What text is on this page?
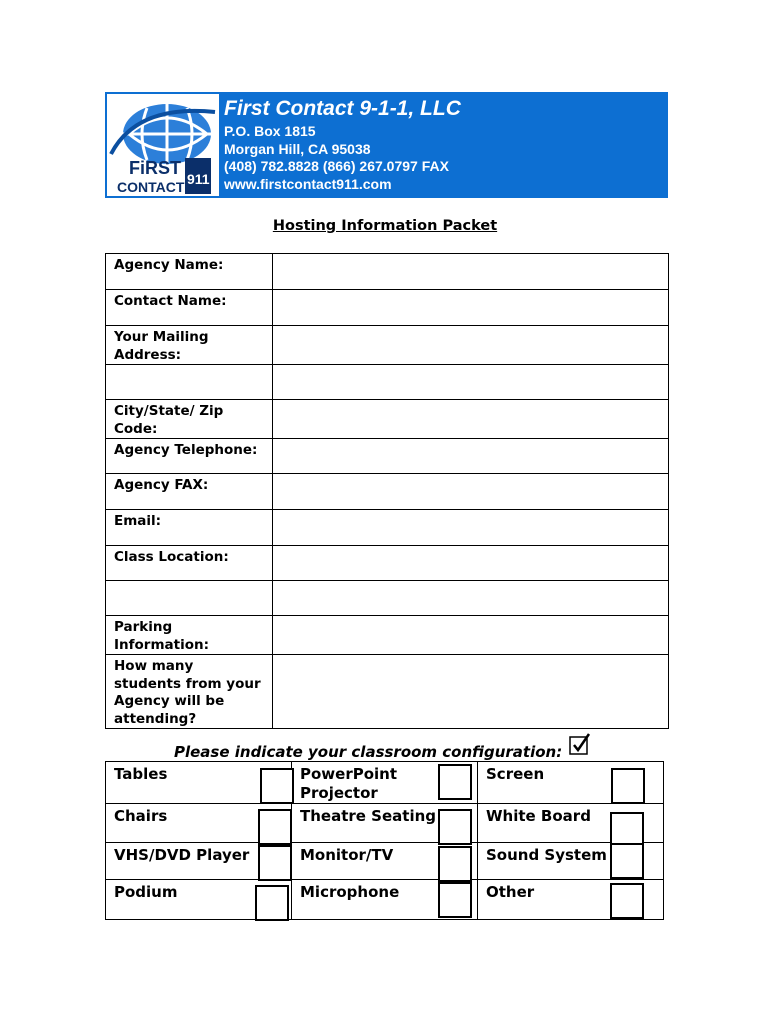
FiRST
CONTACT 911
First Contact 9-1-1, LLC
P.O. Box 1815
Morgan Hill, CA 95038
(408) 782.8828 (866) 267.0797 FAX
www.firstcontact911.com
Hosting Information Packet
Agency Name:	

Contact Name:	

Your Mailing Address:	

City/State/ Zip Code:	

Agency Telephone:	

Agency FAX:	

Email:	

Class Location:	

Parking Information:	

How many students from your Agency will be attending?	

Please indicate your classroom configuration:
Tables	PowerPoint Projector	Screen

Chairs	Theatre Seating	White Board

VHS/DVD Player	Monitor/TV	Sound System

Podium	Microphone	Other
